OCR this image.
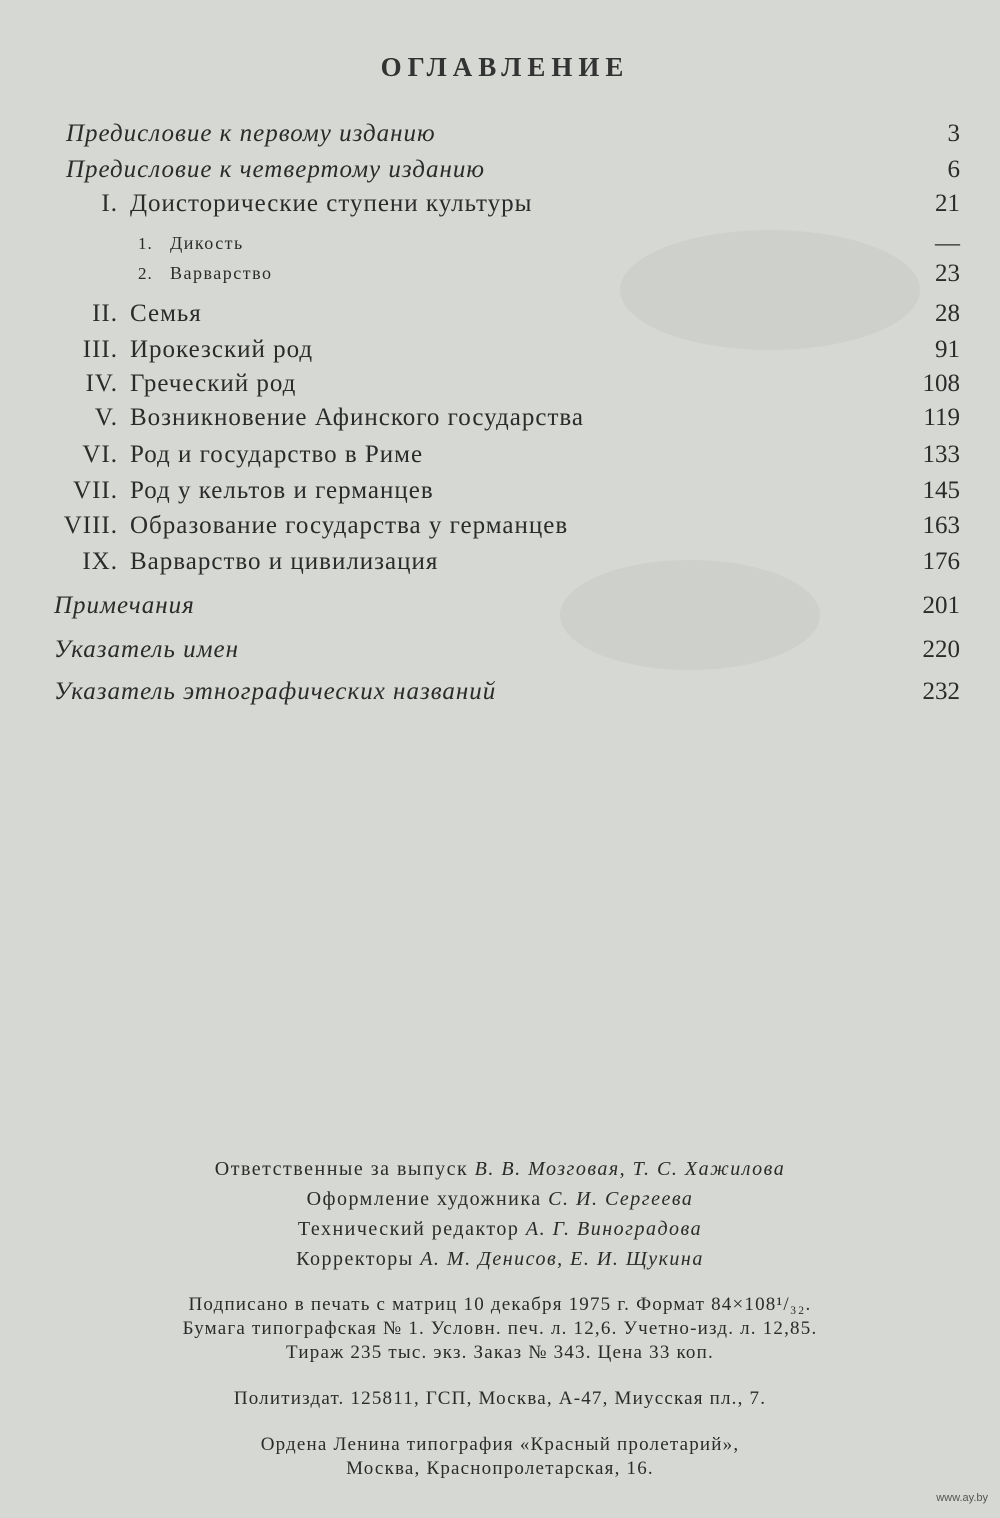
ОГЛАВЛЕНИЕ
Предисловие к первому изданию	3
Предисловие к четвертому изданию	6
I. Доисторические ступени культуры	21
1. Дикость	—
2. Варварство	23
II. Семья	28
III. Ирокезский род	91
IV. Греческий род	108
V. Возникновение Афинского государства	119
VI. Род и государство в Риме	133
VII. Род у кельтов и германцев	145
VIII. Образование государства у германцев	163
IX. Варварство и цивилизация	176
Примечания	201
Указатель имен	220
Указатель этнографических названий	232
Ответственные за выпуск В. В. Мозговая, Т. С. Хажилова
Оформление художника С. И. Сергеева
Технический редактор А. Г. Виноградова
Корректоры А. М. Денисов, Е. И. Щукина
Подписано в печать с матриц 10 декабря 1975 г. Формат 84×108¹/₃₂.
Бумага типографская № 1. Условн. печ. л. 12,6. Учетно-изд. л. 12,85.
Тираж 235 тыс. экз. Заказ № 343. Цена 33 коп.
Политиздат. 125811, ГСП, Москва, А-47, Миусская пл., 7.
Ордена Ленина типография «Красный пролетарий»,
Москва, Краснопролетарская, 16.
www.ay.by
